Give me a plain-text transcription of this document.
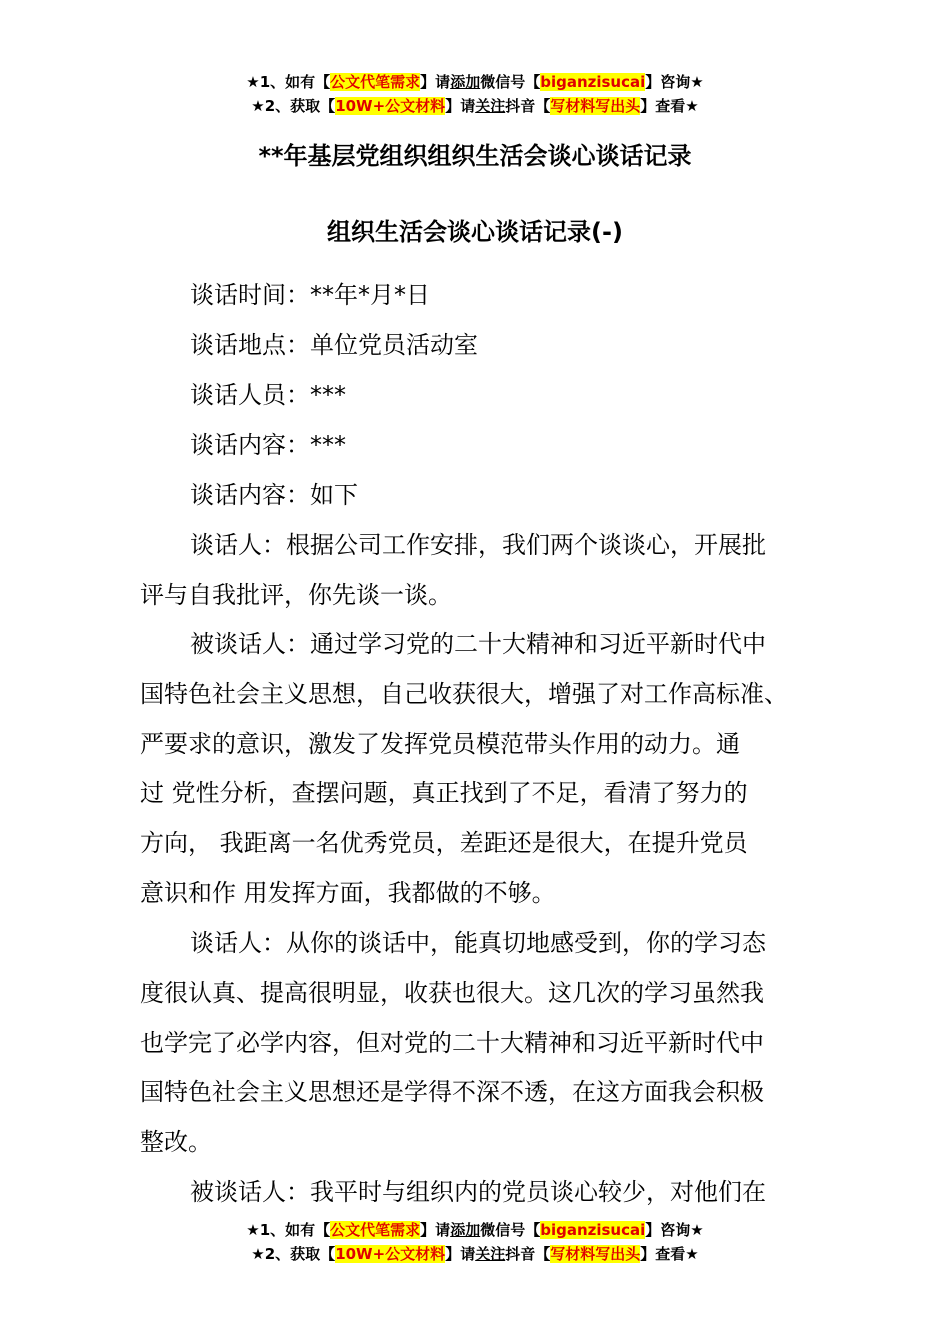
★1、如有【公文代笔需求】请添加微信号【biganzisucai】咨询★
★2、获取【10W+公文材料】请关注抖音【写材料写出头】查看★
**年基层党组织组织生活会谈心谈话记录
组织生活会谈心谈话记录(-)
谈话时间：**年*月*日
谈话地点：单位党员活动室
谈话人员：***
谈话内容：***
谈话内容：如下
谈话人：根据公司工作安排，我们两个谈谈心，开展批
评与自我批评，你先谈一谈。
被谈话人：通过学习党的二十大精神和习近平新时代中
国特色社会主义思想，自己收获很大，增强了对工作高标准、
严要求的意识，激发了发挥党员模范带头作用的动力。通
过 党性分析，查摆问题，真正找到了不足，看清了努力的
方向， 我距离一名优秀党员，差距还是很大，在提升党员
意识和作 用发挥方面，我都做的不够。
谈话人：从你的谈话中，能真切地感受到，你的学习态
度很认真、提高很明显，收获也很大。这几次的学习虽然我
也学完了必学内容，但对党的二十大精神和习近平新时代中
国特色社会主义思想还是学得不深不透，在这方面我会积极
整改。
被谈话人：我平时与组织内的党员谈心较少，对他们在
★1、如有【公文代笔需求】请添加微信号【biganzisucai】咨询★
★2、获取【10W+公文材料】请关注抖音【写材料写出头】查看★
